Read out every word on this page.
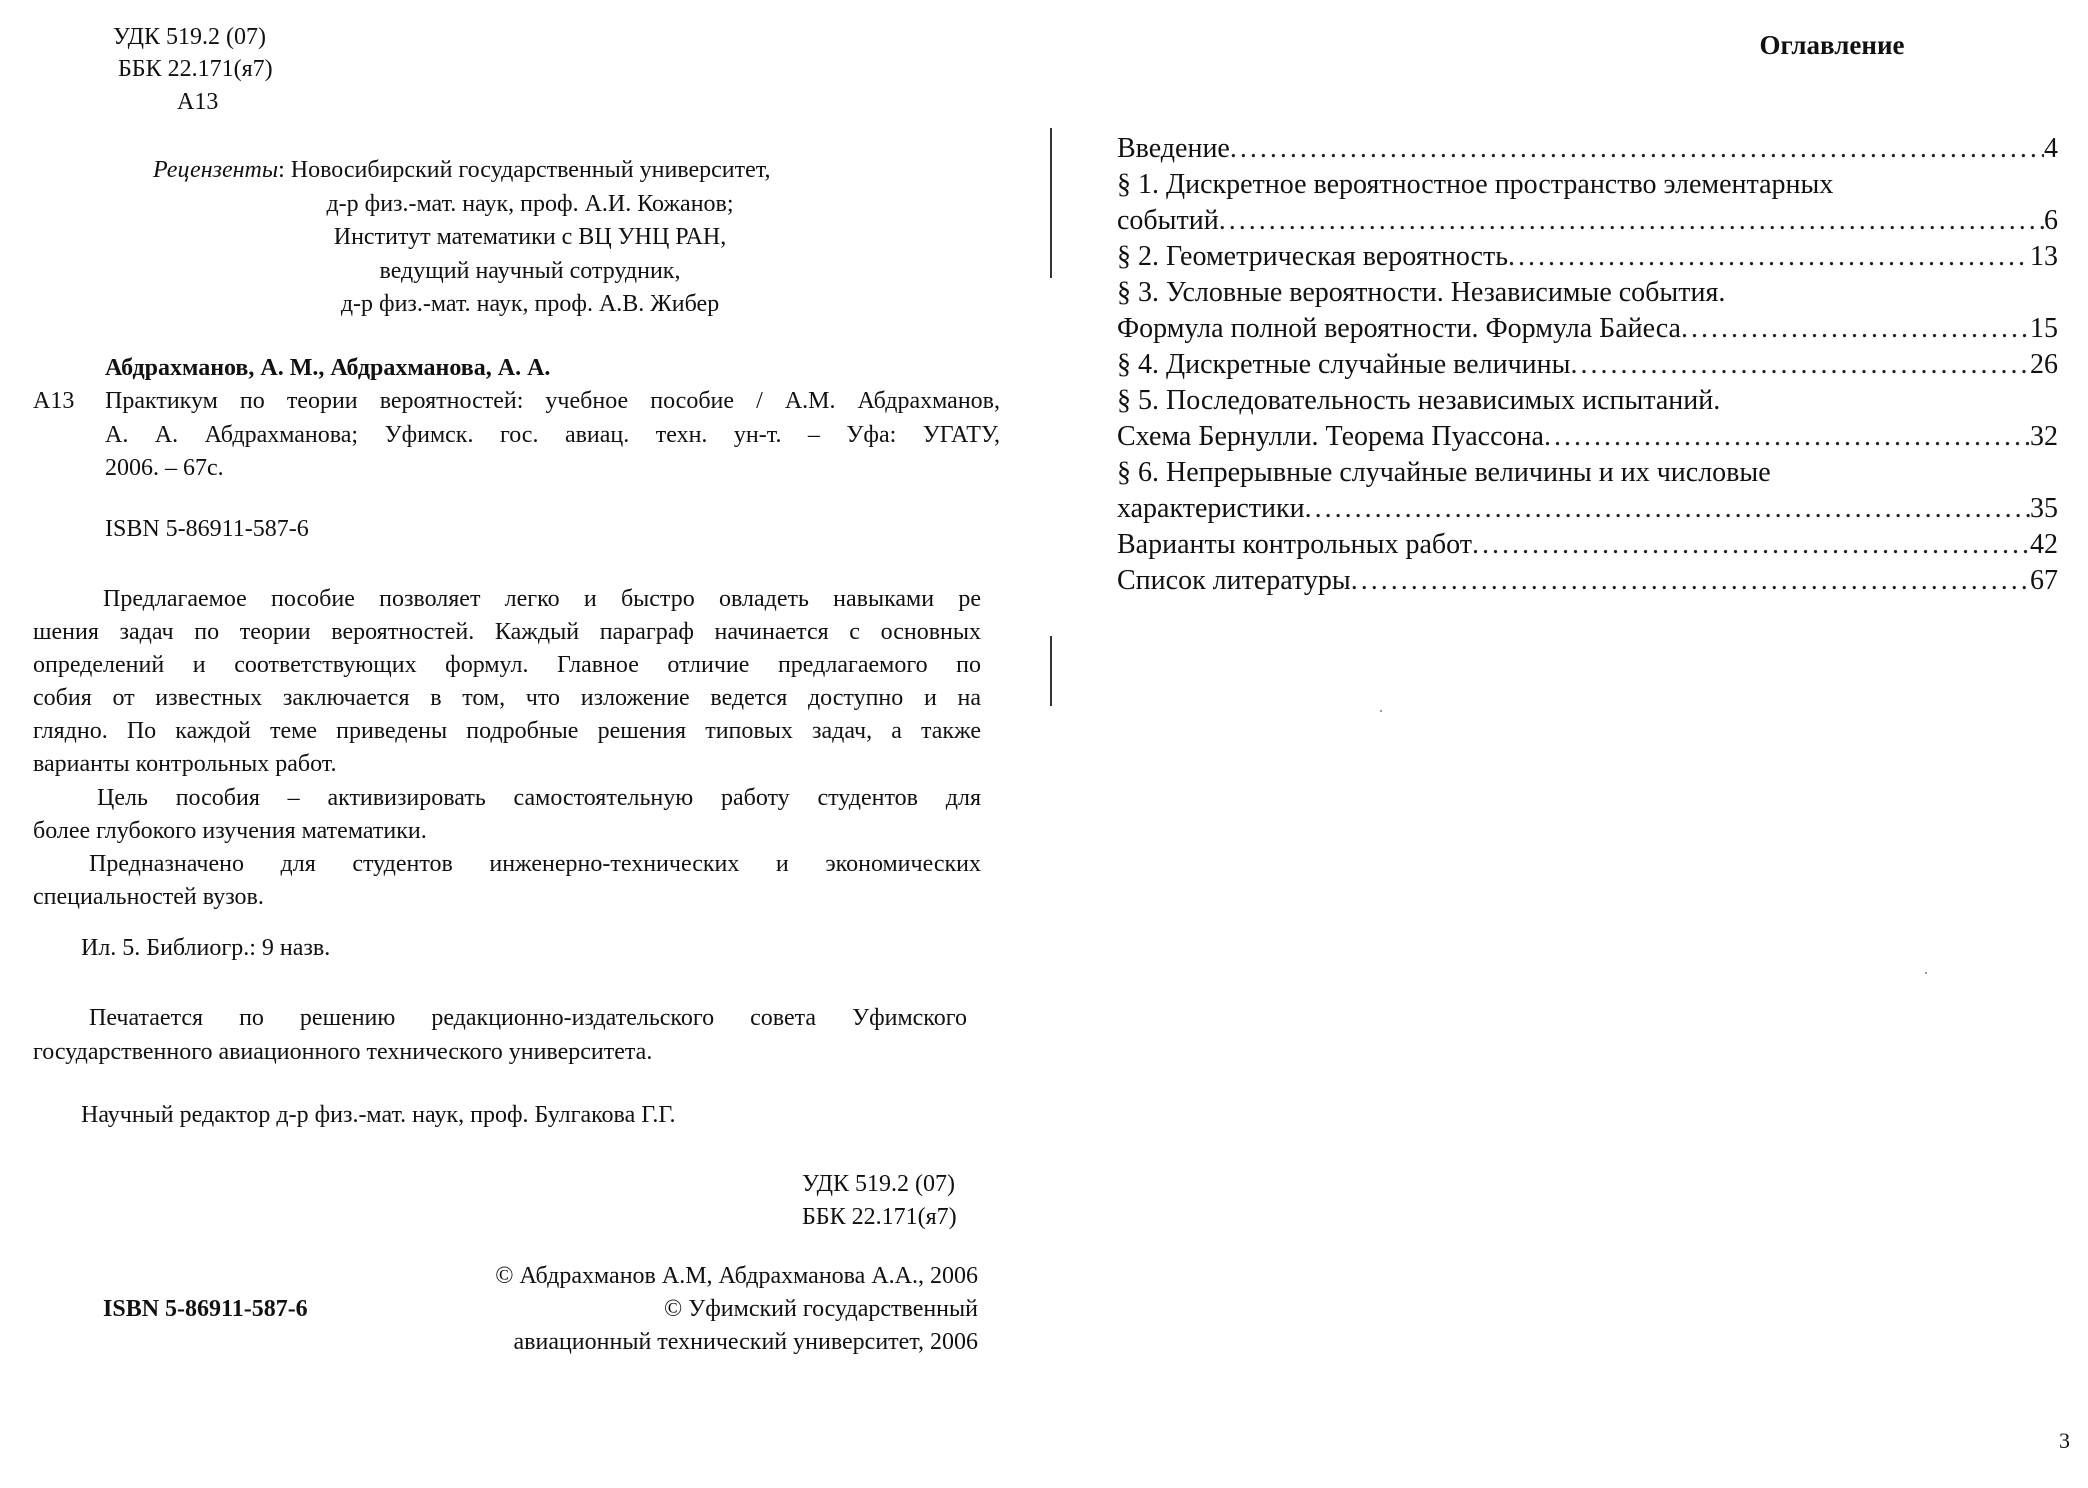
УДК 519.2 (07)
ББК 22.171(я7)
А13
Рецензенты: Новосибирский государственный университет,
д-р физ.-мат. наук, проф. А.И. Кожанов;
Институт математики с ВЦ УНЦ РАН,
ведущий научный сотрудник,
д-р физ.-мат. наук, проф. А.В. Жибер
Абдрахманов, А. М., Абдрахманова, А. А.
А13 Практикум по теории вероятностей: учебное пособие / А.М. Абдрахманов,
А. А. Абдрахманова; Уфимск. гос. авиац. техн. ун-т. – Уфа: УГАТУ,
2006. – 67с.
ISBN 5-86911-587-6
Предлагаемое пособие позволяет легко и быстро овладеть навыками ре
шения задач по теории вероятностей. Каждый параграф начинается с основных
определений и соответствующих формул. Главное отличие предлагаемого по
собия от известных заключается в том, что изложение ведется доступно и на
глядно. По каждой теме приведены подробные решения типовых задач, а также
варианты контрольных работ.
Цель пособия – активизировать самостоятельную работу студентов для
более глубокого изучения математики.
Предназначено для студентов инженерно-технических и экономических
специальностей вузов.
Ил. 5. Библиогр.: 9 назв.
Печатается по решению редакционно-издательского совета Уфимского
государственного авиационного технического университета.
Научный редактор д-р физ.-мат. наук, проф. Булгакова Г.Г.
УДК 519.2 (07)
ББК 22.171(я7)
© Абдрахманов А.М, Абдрахманова А.А., 2006
ISBN 5-86911-587-6	© Уфимский государственный
авиационный технический университет, 2006
Оглавление
Введение .....	4
§ 1. Дискретное вероятностное пространство элементарных
событий .....	6
§ 2. Геометрическая вероятность .....	13
§ 3. Условные вероятности. Независимые события.
Формула полной вероятности. Формула Байеса .....	15
§ 4. Дискретные случайные величины .....	26
§ 5. Последовательность независимых испытаний.
Схема Бернулли. Теорема Пуассона .....	32
§ 6. Непрерывные случайные величины и их числовые
характеристики .....	35
Варианты контрольных работ .....	42
Список литературы .....	67
3
